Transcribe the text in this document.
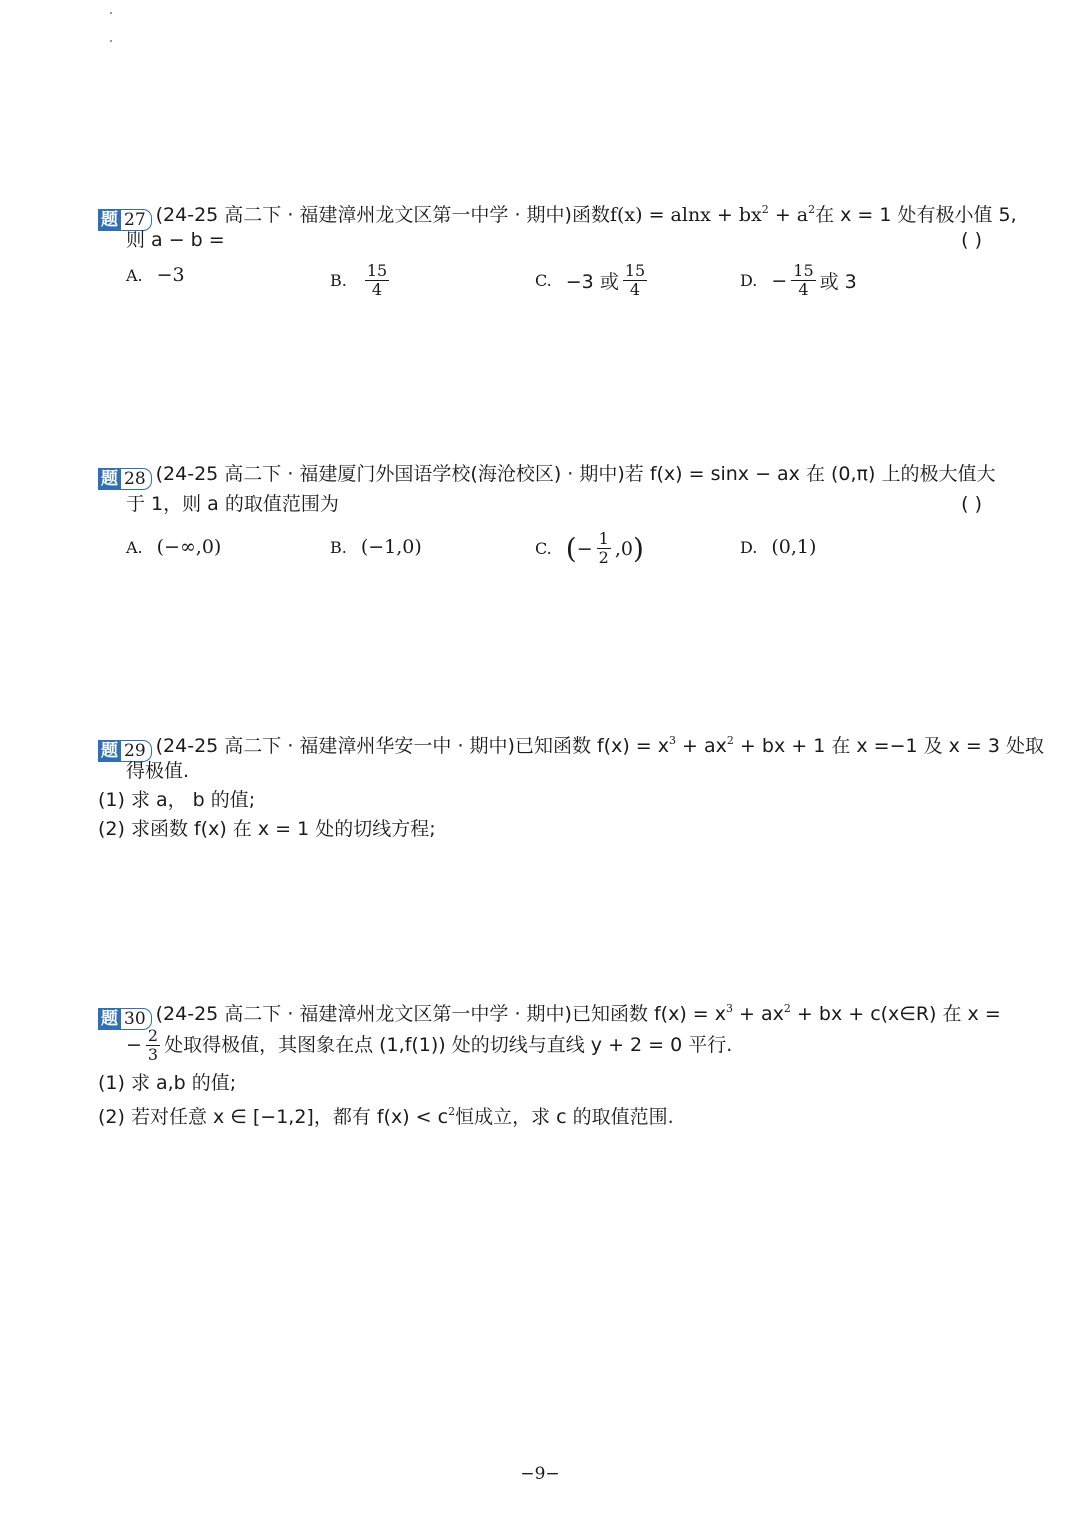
题 27 (24-25 高二下 · 福建漳州龙文区第一中学 · 期中)函数$f(x) = alnx + bx^2 + a^2$在 x = 1 处有极小值 5,
则 a − b =	( )
A. −3	B. $\frac{15}{4}$	C. −3 或 $\frac{15}{4}$	D. − $\frac{15}{4}$ 或 3
题 28 (24-25 高二下 · 福建厦门外国语学校(海沧校区) · 期中)若 f(x) = sinx − ax 在 (0,π) 上的极大值大
于 1，则 a 的取值范围为	( )
A. (−∞,0)	B. (−1,0)	C. ( − $\frac{1}{2} ,0$ )	D. (0,1)
题 29 (24-25 高二下 · 福建漳州华安一中 · 期中)已知函数 $f(x) = x^3 + ax^2$ + bx + 1 在 x =−1 及 x = 3 处取
得极值.
(1) 求 a， b 的值;
(2) 求函数 f(x) 在 x = 1 处的切线方程;
题 30 (24-25 高二下 · 福建漳州龙文区第一中学 · 期中)已知函数 $f(x) = x^3 + ax^2$ + bx + c(x∈R) 在 x =
− $\frac{2}{3}$ 处取得极值，其图象在点 (1,f(1)) 处的切线与直线 y + 2 = 0 平行.
(1) 求 a,b 的值;
(2) 若对任意 x ∈ [−1,2]，都有 $f(x) < c^2$恒成立，求 c 的取值范围.
−9−
